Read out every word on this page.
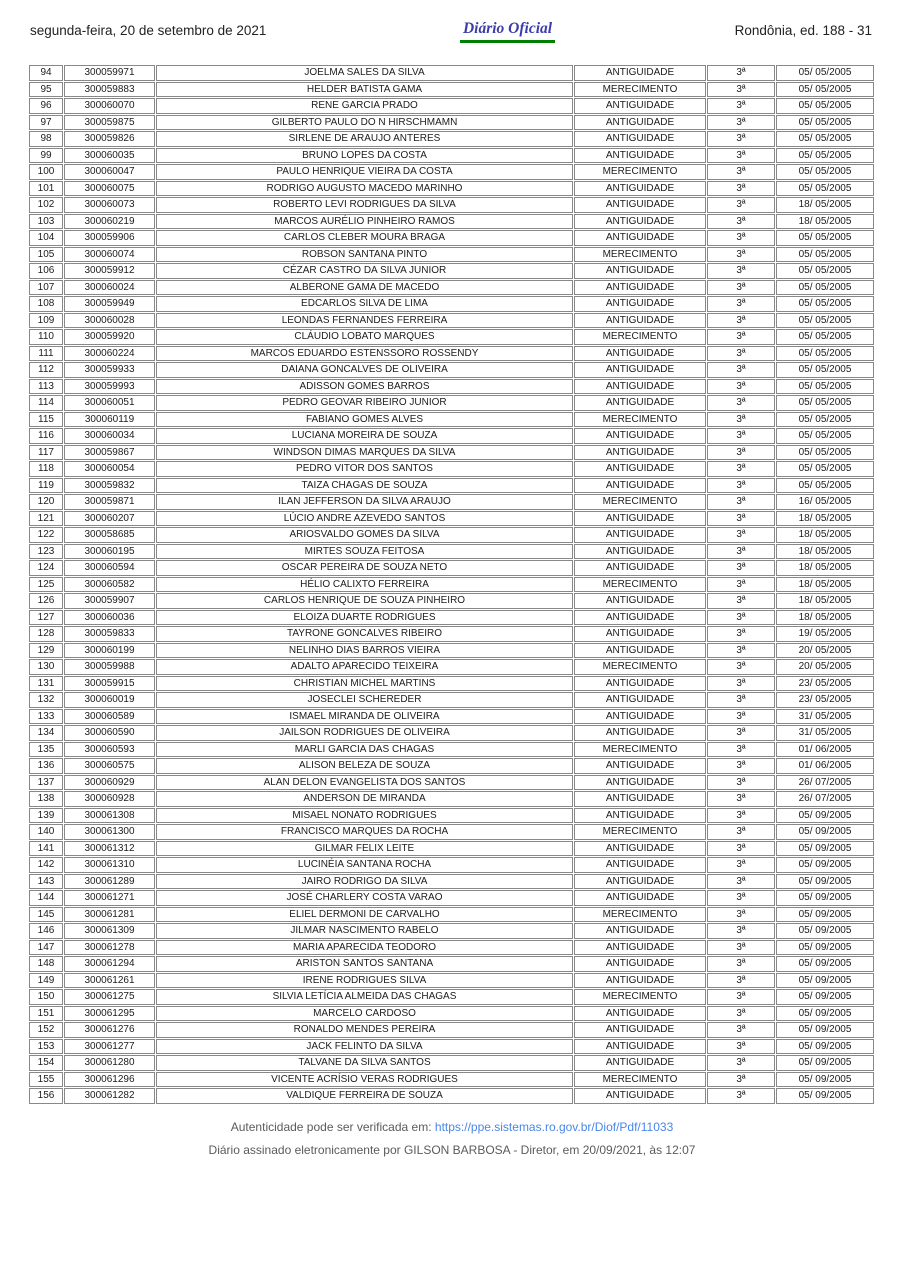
segunda-feira, 20 de setembro de 2021	Diário Oficial	Rondônia, ed. 188 - 31
94	300059971	JOELMA SALES DA SILVA	ANTIGUIDADE	3ª	05/ 05/2005
95	300059883	HELDER BATISTA GAMA	MERECIMENTO	3ª	05/ 05/2005
96	300060070	RENE GARCIA PRADO	ANTIGUIDADE	3ª	05/ 05/2005
97	300059875	GILBERTO PAULO DO N HIRSCHMAMN	ANTIGUIDADE	3ª	05/ 05/2005
98	300059826	SIRLENE DE ARAUJO ANTERES	ANTIGUIDADE	3ª	05/ 05/2005
99	300060035	BRUNO LOPES DA COSTA	ANTIGUIDADE	3ª	05/ 05/2005
100	300060047	PAULO HENRIQUE VIEIRA DA COSTA	MERECIMENTO	3ª	05/ 05/2005
101	300060075	RODRIGO AUGUSTO MACEDO MARINHO	ANTIGUIDADE	3ª	05/ 05/2005
102	300060073	ROBERTO LEVI RODRIGUES DA SILVA	ANTIGUIDADE	3ª	18/ 05/2005
103	300060219	MARCOS AURÉLIO PINHEIRO RAMOS	ANTIGUIDADE	3ª	18/ 05/2005
104	300059906	CARLOS CLEBER MOURA BRAGA	ANTIGUIDADE	3ª	05/ 05/2005
105	300060074	ROBSON SANTANA PINTO	MERECIMENTO	3ª	05/ 05/2005
106	300059912	CÉZAR CASTRO DA SILVA JUNIOR	ANTIGUIDADE	3ª	05/ 05/2005
107	300060024	ALBERONE GAMA DE MACEDO	ANTIGUIDADE	3ª	05/ 05/2005
108	300059949	EDCARLOS SILVA DE LIMA	ANTIGUIDADE	3ª	05/ 05/2005
109	300060028	LEONDAS FERNANDES FERREIRA	ANTIGUIDADE	3ª	05/ 05/2005
110	300059920	CLÁUDIO LOBATO MARQUES	MERECIMENTO	3ª	05/ 05/2005
111	300060224	MARCOS EDUARDO ESTENSSORO ROSSENDY	ANTIGUIDADE	3ª	05/ 05/2005
112	300059933	DAIANA GONCALVES DE OLIVEIRA	ANTIGUIDADE	3ª	05/ 05/2005
113	300059993	ADISSON GOMES BARROS	ANTIGUIDADE	3ª	05/ 05/2005
114	300060051	PEDRO GEOVAR RIBEIRO JUNIOR	ANTIGUIDADE	3ª	05/ 05/2005
115	300060119	FABIANO GOMES ALVES	MERECIMENTO	3ª	05/ 05/2005
116	300060034	LUCIANA MOREIRA DE SOUZA	ANTIGUIDADE	3ª	05/ 05/2005
117	300059867	WINDSON DIMAS MARQUES DA SILVA	ANTIGUIDADE	3ª	05/ 05/2005
118	300060054	PEDRO VITOR DOS SANTOS	ANTIGUIDADE	3ª	05/ 05/2005
119	300059832	TAIZA CHAGAS DE SOUZA	ANTIGUIDADE	3ª	05/ 05/2005
120	300059871	ILAN JEFFERSON DA SILVA ARAUJO	MERECIMENTO	3ª	16/ 05/2005
121	300060207	LÚCIO ANDRE AZEVEDO SANTOS	ANTIGUIDADE	3ª	18/ 05/2005
122	300058685	ARIOSVALDO GOMES DA SILVA	ANTIGUIDADE	3ª	18/ 05/2005
123	300060195	MIRTES SOUZA FEITOSA	ANTIGUIDADE	3ª	18/ 05/2005
124	300060594	OSCAR PEREIRA DE SOUZA NETO	ANTIGUIDADE	3ª	18/ 05/2005
125	300060582	HÉLIO CALIXTO FERREIRA	MERECIMENTO	3ª	18/ 05/2005
126	300059907	CARLOS HENRIQUE DE SOUZA PINHEIRO	ANTIGUIDADE	3ª	18/ 05/2005
127	300060036	ELOIZA DUARTE RODRIGUES	ANTIGUIDADE	3ª	18/ 05/2005
128	300059833	TAYRONE GONCALVES RIBEIRO	ANTIGUIDADE	3ª	19/ 05/2005
129	300060199	NELINHO DIAS BARROS VIEIRA	ANTIGUIDADE	3ª	20/ 05/2005
130	300059988	ADALTO APARECIDO TEIXEIRA	MERECIMENTO	3ª	20/ 05/2005
131	300059915	CHRISTIAN MICHEL MARTINS	ANTIGUIDADE	3ª	23/ 05/2005
132	300060019	JOSECLEI SCHEREDER	ANTIGUIDADE	3ª	23/ 05/2005
133	300060589	ISMAEL MIRANDA DE OLIVEIRA	ANTIGUIDADE	3ª	31/ 05/2005
134	300060590	JAILSON RODRIGUES DE OLIVEIRA	ANTIGUIDADE	3ª	31/ 05/2005
135	300060593	MARLI GARCIA DAS CHAGAS	MERECIMENTO	3ª	01/ 06/2005
136	300060575	ALISON BELEZA DE SOUZA	ANTIGUIDADE	3ª	01/ 06/2005
137	300060929	ALAN DELON EVANGELISTA DOS SANTOS	ANTIGUIDADE	3ª	26/ 07/2005
138	300060928	ANDERSON DE MIRANDA	ANTIGUIDADE	3ª	26/ 07/2005
139	300061308	MISAEL NONATO RODRIGUES	ANTIGUIDADE	3ª	05/ 09/2005
140	300061300	FRANCISCO MARQUES DA ROCHA	MERECIMENTO	3ª	05/ 09/2005
141	300061312	GILMAR FELIX LEITE	ANTIGUIDADE	3ª	05/ 09/2005
142	300061310	LUCINÉIA SANTANA ROCHA	ANTIGUIDADE	3ª	05/ 09/2005
143	300061289	JAIRO RODRIGO DA SILVA	ANTIGUIDADE	3ª	05/ 09/2005
144	300061271	JOSÉ CHARLERY COSTA VARAO	ANTIGUIDADE	3ª	05/ 09/2005
145	300061281	ELIEL DERMONI DE CARVALHO	MERECIMENTO	3ª	05/ 09/2005
146	300061309	JILMAR NASCIMENTO RABELO	ANTIGUIDADE	3ª	05/ 09/2005
147	300061278	MARIA APARECIDA TEODORO	ANTIGUIDADE	3ª	05/ 09/2005
148	300061294	ARISTON SANTOS SANTANA	ANTIGUIDADE	3ª	05/ 09/2005
149	300061261	IRENE RODRIGUES SILVA	ANTIGUIDADE	3ª	05/ 09/2005
150	300061275	SILVIA LETÍCIA ALMEIDA DAS CHAGAS	MERECIMENTO	3ª	05/ 09/2005
151	300061295	MARCELO CARDOSO	ANTIGUIDADE	3ª	05/ 09/2005
152	300061276	RONALDO MENDES PEREIRA	ANTIGUIDADE	3ª	05/ 09/2005
153	300061277	JACK FELINTO DA SILVA	ANTIGUIDADE	3ª	05/ 09/2005
154	300061280	TALVANE DA SILVA SANTOS	ANTIGUIDADE	3ª	05/ 09/2005
155	300061296	VICENTE ACRÍSIO VERAS RODRIGUES	MERECIMENTO	3ª	05/ 09/2005
156	300061282	VALDIQUE FERREIRA DE SOUZA	ANTIGUIDADE	3ª	05/ 09/2005
Autenticidade pode ser verificada em: https://ppe.sistemas.ro.gov.br/Diof/Pdf/11033
Diário assinado eletronicamente por GILSON BARBOSA - Diretor, em 20/09/2021, às 12:07
